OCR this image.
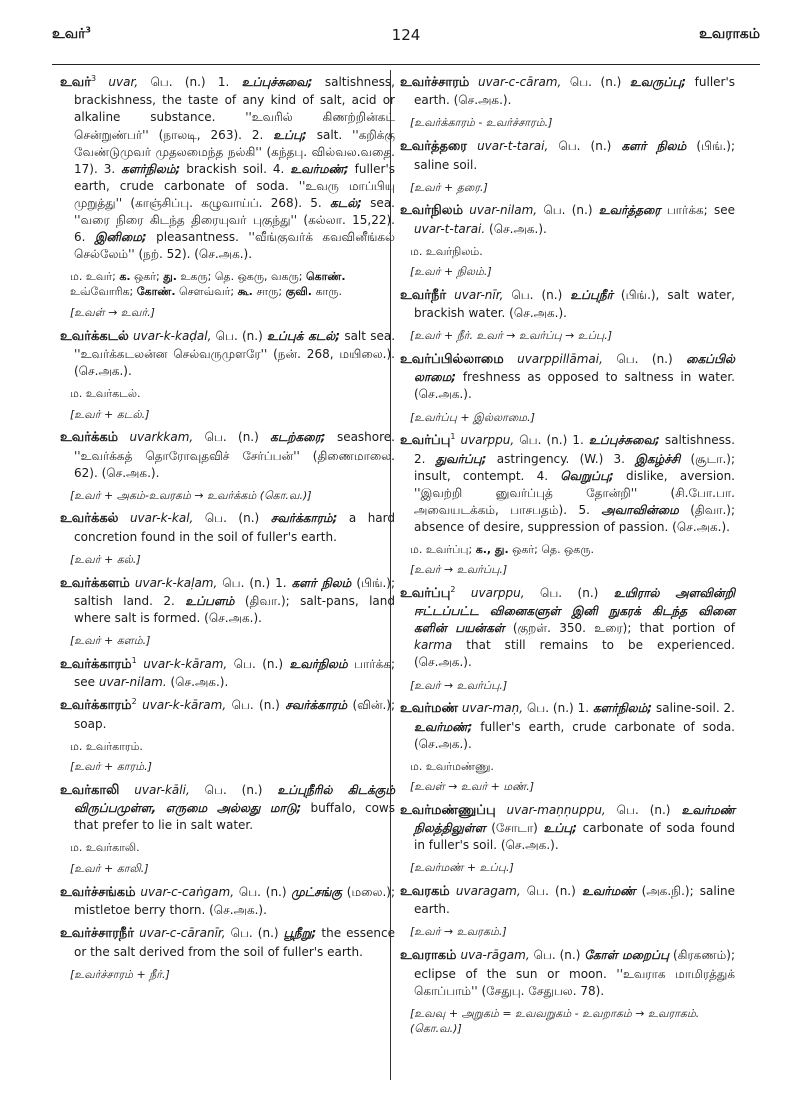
உவர்$^3$	124	உவராகம்

உவர்$^3$ uvar, பெ. (n.) 1. உப்புச்சுவை; saltishness, brackishness, the taste of any kind of salt, acid or alkaline substance. ''உவரில் கிணற்றின்கட் சென்றுண்பர்'' (நாலடி, 263). 2. உப்பு; salt. ''கறிக்கு வேண்டுமுவர் முதலமைந்த நல்கி'' (கந்தபு. வில்வல.வதை. 17). 3. களர்நிலம்; brackish soil. 4. உவர்மண்; fuller's earth, crude carbonate of soda. ''உவரு மாப்பியு முறுத்து'' (காஞ்சிப்பு. கழுவாய்ப். 268). 5. கடல்; sea. ''வரை நிரை கிடந்த திரையுவர் புகுந்து'' (கல்லா. 15,22). 6. இனிமை; pleasantness. ''வீங்குவர்க் கவவினீங்கல் செல்லேம்'' (நற். 52). (செ.அக.).

ம. உவர்; க. ஒகர்; து. உகரு; தெ. ஒகரு, வகரு; கொண். உவ்வோரிக; கோண். சௌவ்வர்; கூ. சாரு; குவி. காரு.

[உவள் → உவர்.]

உவர்க்கடல் uvar-k-kaḍal, பெ. (n.) உப்புக் கடல்; salt sea. ''உவர்க்கடலன்ன செல்வருமுளரே'' (நன். 268, மயிலை.). (செ.அக.).

ம. உவர்கடல்.

[உவர் + கடல்.]

உவர்க்கம் uvarkkam, பெ. (n.) கடற்கரை; seashore. ''உவர்க்கத் தொரோவுதவிச் சேர்ப்பன்'' (திணைமாலை. 62). (செ.அக.).

[உவர் + அகம்-உவரகம் → உவர்க்கம் (கொ.வ.)]

உவர்க்கல் uvar-k-kal, பெ. (n.) சவர்க்காரம்; a hard concretion found in the soil of fuller's earth.

[உவர் + கல்.]

உவர்க்களம் uvar-k-kaḷam, பெ. (n.) 1. களர் நிலம் (பிங்.); saltish land. 2. உப்பளம் (திவா.); salt-pans, land where salt is formed. (செ.அக.).

[உவர் + களம்.]

உவர்க்காரம்$^1$ uvar-k-kāram, பெ. (n.) உவர்நிலம் பார்க்க; see uvar-nilam. (செ.அக.).

உவர்க்காரம்$^2$ uvar-k-kāram, பெ. (n.) சவர்க்காரம் (வின்.); soap.

ம. உவர்காரம்.

[உவர் + காரம்.]

உவர்காலி uvar-kāli, பெ. (n.) உப்புநீரில் கிடக்கும் விருப்பமுள்ள, எருமை அல்லது மாடு; buffalo, cows that prefer to lie in salt water.

ம. உவர்காலி.

[உவர் + காலி.]

உவர்ச்சங்கம் uvar-c-caṅgam, பெ. (n.) முட்சங்கு (மலை.); mistletoe berry thorn. (செ.அக.).

உவர்ச்சாரநீர் uvar-c-cāranīr, பெ. (n.) பூநீறு; the essence or the salt derived from the soil of fuller's earth.

[உவர்ச்சாரம் + நீர்.]

உவர்ச்சாரம் uvar-c-cāram, பெ. (n.) உவருப்பு; fuller's earth. (செ.அக.).

[உவர்க்காரம் - உவர்ச்சாரம்.]

உவர்த்தரை uvar-t-tarai, பெ. (n.) களர் நிலம் (பிங்.); saline soil.

[உவர் + தரை.]

உவர்நிலம் uvar-nilam, பெ. (n.) உவர்த்தரை பார்க்க; see uvar-t-tarai. (செ.அக.).

ம. உவர்நிலம்.

[உவர் + நிலம்.]

உவர்நீர் uvar-nīr, பெ. (n.) உப்புநீர் (பிங்.), salt water, brackish water. (செ.அக.).

[உவர் + நீர். உவர் → உவர்ப்பு → உப்பு.]

உவர்ப்பில்லாமை uvarppillāmai, பெ. (n.) கைப்பில் லாமை; freshness as opposed to saltness in water. (செ.அக.).

[உவர்ப்பு + இல்லாமை.]

உவர்ப்பு$^1$ uvarppu, பெ. (n.) 1. உப்புச்சுவை; saltishness. 2. துவர்ப்பு; astringency. (W.) 3. இகழ்ச்சி (சூடா.); insult, contempt. 4. வெறுப்பு; dislike, aversion. ''இவற்றி னுவர்ப்புத் தோன்றி'' (சி.போ.பா. அவையடக்கம், பாசபதம்). 5. அவாவின்மை (திவா.); absence of desire, suppression of passion. (செ.அக.).

ம. உவர்ப்பு; க., து. ஒகர்; தெ. ஒகரு.

[உவர் → உவர்ப்பு.]

உவர்ப்பு$^2$ uvarppu, பெ. (n.) உயிரால் அளவின்றி ஈட்டப்பட்ட வினைகளுள் இனி நுகரக் கிடந்த வினை களின் பயன்கள் (குறள். 350. உரை); that portion of karma that still remains to be experienced. (செ.அக.).

[உவர் → உவர்ப்பு.]

உவர்மண் uvar-maṇ, பெ. (n.) 1. களர்நிலம்; saline-soil. 2. உவர்மண்; fuller's earth, crude carbonate of soda. (செ.அக.).

ம. உவர்மண்ணு.

[உவள் → உவர் + மண்.]

உவர்மண்ணுப்பு uvar-maṇṇuppu, பெ. (n.) உவர்மண் நிலத்திலுள்ள (சோடா) உப்பு; carbonate of soda found in fuller's soil. (செ.அக.).

[உவர்மண் + உப்பு.]

உவரகம் uvaragam, பெ. (n.) உவர்மண் (அக.நி.); saline earth.

[உவர் → உவரகம்.]

உவராகம் uva-rāgam, பெ. (n.) கோள் மறைப்பு (கிரகணம்); eclipse of the sun or moon. ''உவராக மாமிரத்துக் கொப்பாம்'' (சேதுபு. சேதுபல. 78).

[உவவு + அறுகம் = உவவறுகம் - உவறாகம் → உவராகம். (கொ.வ.)]
